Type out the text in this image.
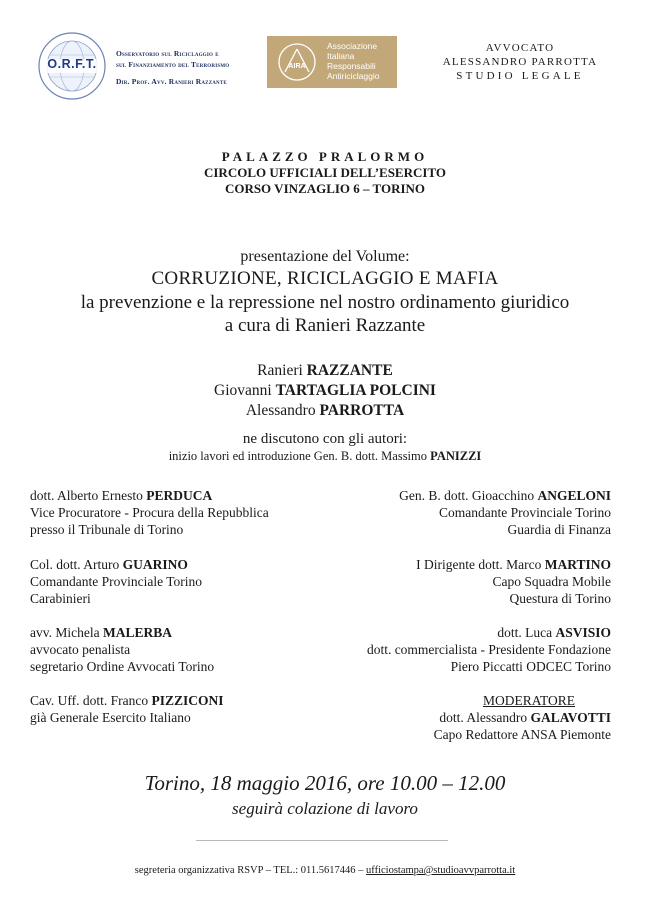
O.R.F.T.
Osservatorio sul Riciclaggio e
sul Finanziamento del Terrorismo

Dir. Prof. Avv. Ranieri Razzante
AIRA
Associazione
Italiana
Responsabili
Antiriciclaggio
AVVOCATO
ALESSANDRO PARROTTA
STUDIO LEGALE
PALAZZO PRALORMO
CIRCOLO UFFICIALI DELL’ESERCITO
CORSO VINZAGLIO 6 – TORINO
presentazione del Volume:
CORRUZIONE, RICICLAGGIO E MAFIA
la prevenzione e la repressione nel nostro ordinamento giuridico
a cura di Ranieri Razzante
Ranieri RAZZANTE
Giovanni TARTAGLIA POLCINI
Alessandro PARROTTA
ne discutono con gli autori:
inizio lavori ed introduzione Gen. B. dott. Massimo PANIZZI
dott. Alberto Ernesto PERDUCA
Vice Procuratore - Procura della Repubblica
presso il Tribunale di Torino
Col. dott. Arturo GUARINO
Comandante Provinciale Torino
Carabinieri
avv. Michela MALERBA
avvocato penalista
segretario Ordine Avvocati Torino
Cav. Uff. dott. Franco PIZZICONI
già Generale Esercito Italiano
Gen. B. dott. Gioacchino ANGELONI
Comandante Provinciale Torino
Guardia di Finanza
I Dirigente dott. Marco MARTINO
Capo Squadra Mobile
Questura di Torino
dott. Luca ASVISIO
dott. commercialista - Presidente Fondazione
Piero Piccatti ODCEC Torino
MODERATORE
dott. Alessandro GALAVOTTI
Capo Redattore ANSA Piemonte
Torino, 18 maggio 2016, ore 10.00 – 12.00
seguirà colazione di lavoro
segreteria organizzativa RSVP – TEL.: 011.5617446 – ufficiostampa@studioavvparrotta.it
